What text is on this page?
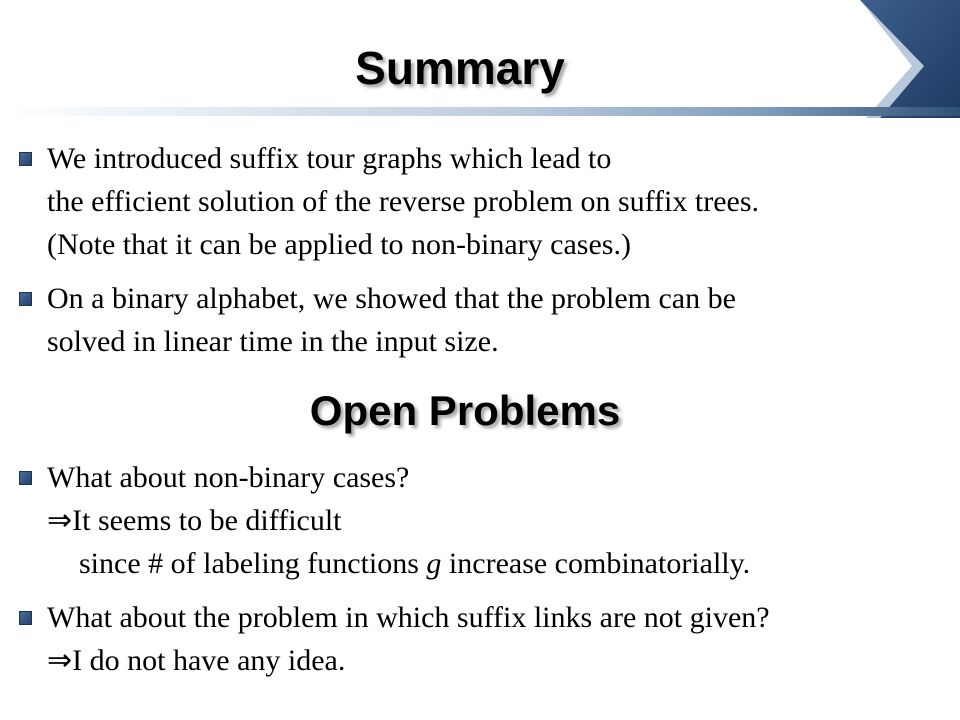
Summary
We introduced suffix tour graphs which lead to
the efficient solution of the reverse problem on suffix trees.
(Note that it can be applied to non-binary cases.)
On a binary alphabet, we showed that the problem can be
solved in linear time in the input size.
Open Problems
What about non-binary cases?
⇒It seems to be difficult
since # of labeling functions g increase combinatorially.
What about the problem in which suffix links are not given?
⇒I do not have any idea.
